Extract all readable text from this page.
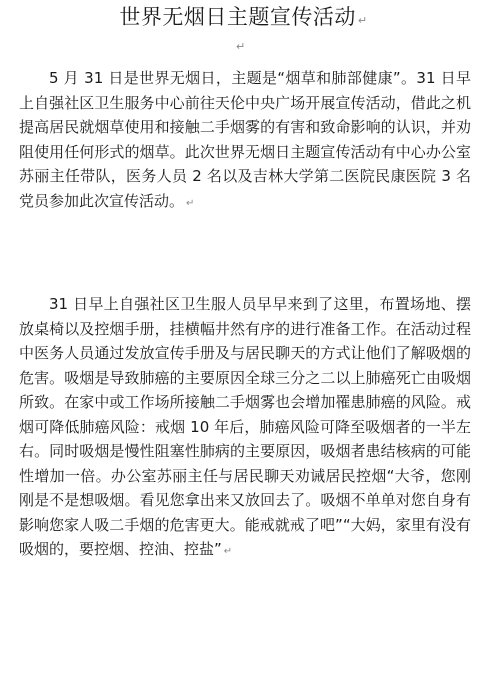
世界无烟日主题宣传活动 ↵
↵

5 月 31 日是世界无烟日，主题是“烟草和肺部健康”。31 日早上自强社区卫生服务中心前往天伦中央广场开展宣传活动，借此之机提高居民就烟草使用和接触二手烟雾的有害和致命影响的认识，并劝阻使用任何形式的烟草。此次世界无烟日主题宣传活动有中心办公室苏丽主任带队，医务人员 2 名以及吉林大学第二医院民康医院 3 名党员参加此次宣传活动。 ↵

31 日早上自强社区卫生服人员早早来到了这里，布置场地、摆放桌椅以及控烟手册，挂横幅井然有序的进行准备工作。在活动过程中医务人员通过发放宣传手册及与居民聊天的方式让他们了解吸烟的危害。吸烟是导致肺癌的主要原因全球三分之二以上肺癌死亡由吸烟所致。在家中或工作场所接触二手烟雾也会增加罹患肺癌的风险。戒烟可降低肺癌风险：戒烟 10 年后，肺癌风险可降至吸烟者的一半左右。同时吸烟是慢性阻塞性肺病的主要原因，吸烟者患结核病的可能性增加一倍。办公室苏丽主任与居民聊天劝诫居民控烟“大爷，您刚刚是不是想吸烟。看见您拿出来又放回去了。吸烟不单单对您自身有影响您家人吸二手烟的危害更大。能戒就戒了吧”“大妈，家里有没有吸烟的，要控烟、控油、控盐” ↵
